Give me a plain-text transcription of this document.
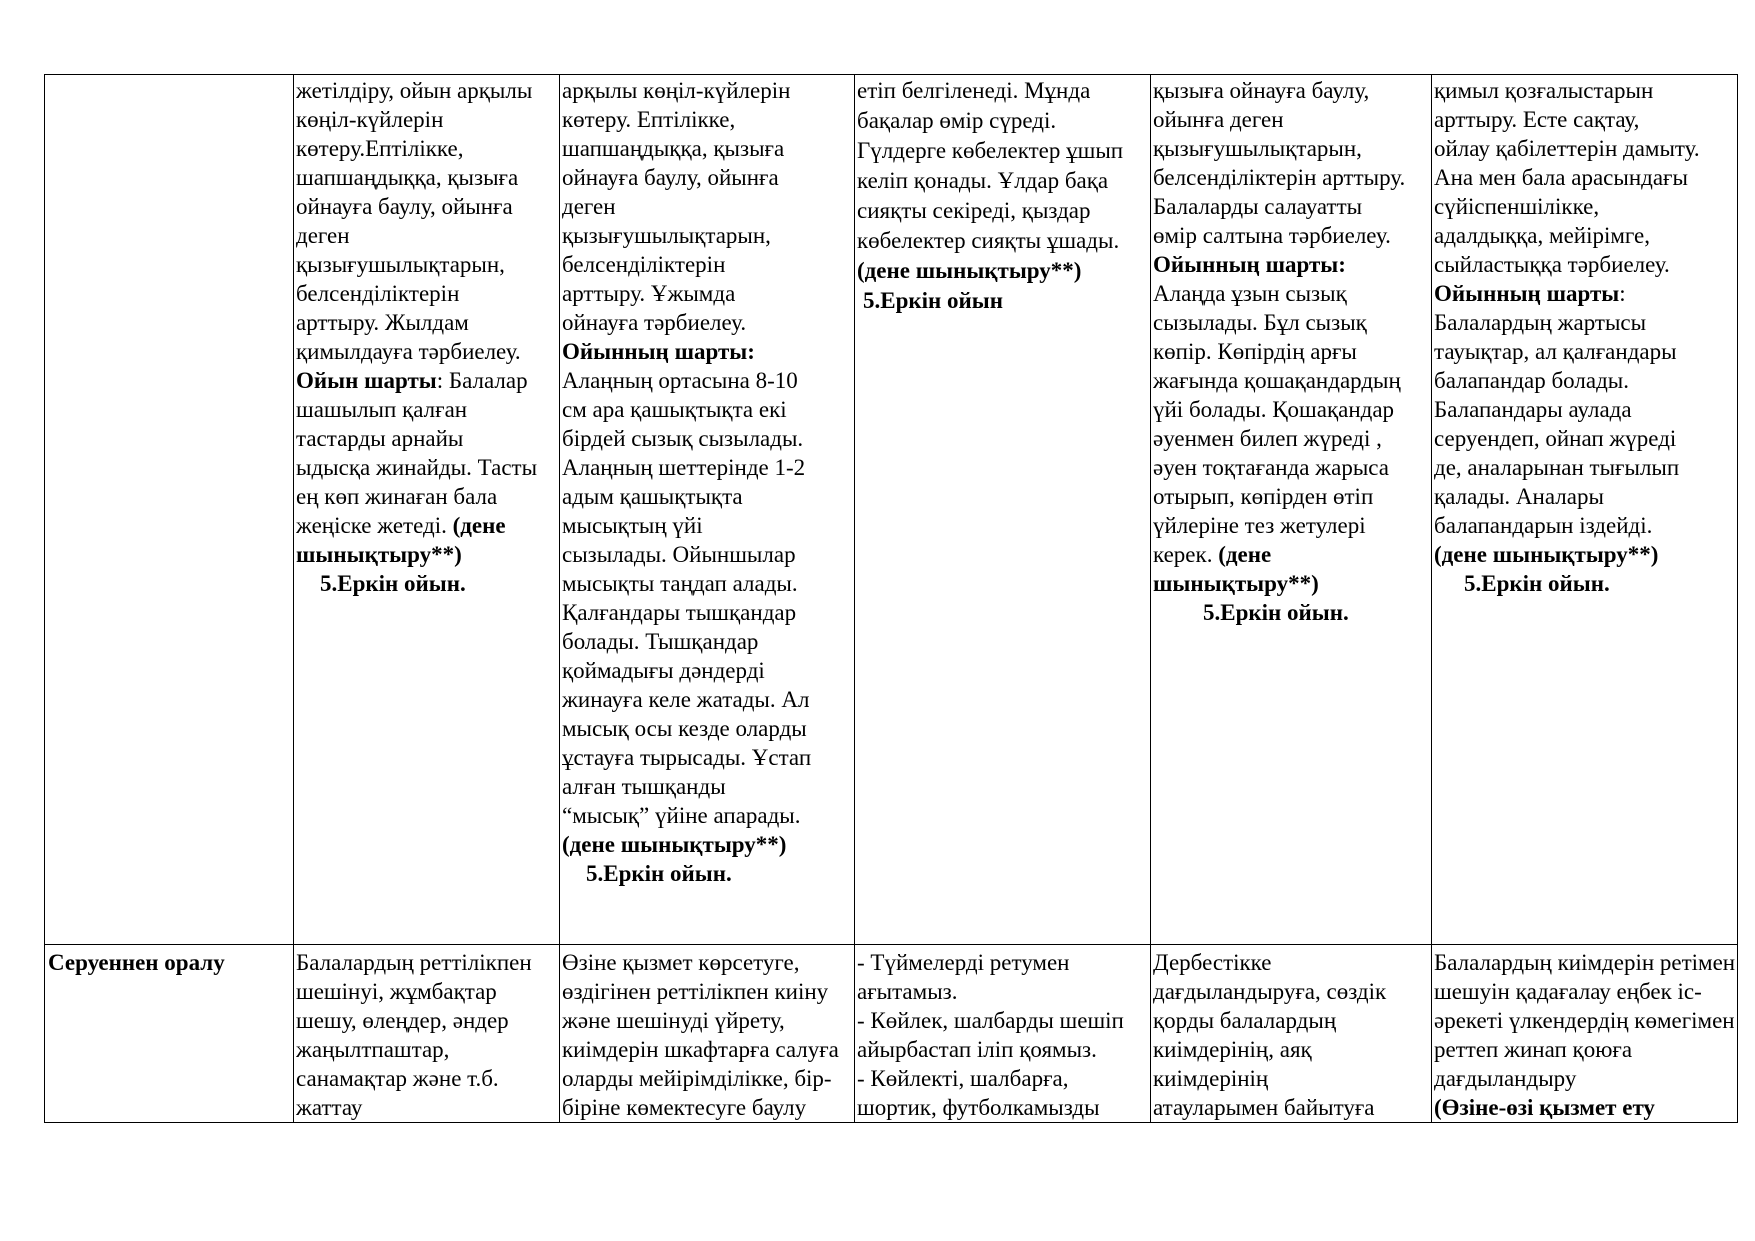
жетілдіру, ойын арқылы

көңіл-күйлерін

көтеру.Ептілікке,

шапшаңдыққа, қызыға

ойнауға баулу, ойынға

деген

қызығушылықтарын,

белсенділіктерін

арттыру. Жылдам

қимылдауға тәрбиелеу.

Ойын шарты: Балалар

шашылып қалған

тастарды арнайы

ыдысқа жинайды. Тасты

ең көп жинаған бала

жеңіске жетеді. (дене

шынықтыру**)

5.Еркін ойын.

арқылы көңіл-күйлерін

көтеру. Ептілікке,

шапшаңдыққа, қызыға

ойнауға баулу, ойынға

деген

қызығушылықтарын,

белсенділіктерін

арттыру. Ұжымда

ойнауға тәрбиелеу.

Ойынның шарты:

Алаңның ортасына 8-10

см ара қашықтықта екі

бірдей сызық сызылады.

Алаңның шеттерінде 1-2

адым қашықтықта

мысықтың үйі

сызылады. Ойыншылар

мысықты таңдап алады.

Қалғандары тышқандар

болады. Тышқандар

қоймадығы дәндерді

жинауға келе жатады. Ал

мысық осы кезде оларды

ұстауға тырысады. Ұстап

алған тышқанды

“мысық” үйіне апарады.

(дене шынықтыру**)

5.Еркін ойын.

етіп белгіленеді. Мұнда

бақалар өмір сүреді.

Гүлдерге көбелектер ұшып

келіп қонады. Ұлдар бақа

сияқты секіреді, қыздар

көбелектер сияқты ұшады.

(дене шынықтыру**)

5.Еркін ойын

қызыға ойнауға баулу,

ойынға деген

қызығушылықтарын,

белсенділіктерін арттыру.

Балаларды салауатты

өмір салтына тәрбиелеу.

Ойынның шарты:

Алаңда ұзын сызық

сызылады. Бұл сызық

көпір. Көпірдің арғы

жағында қошақандардың

үйі болады. Қошақандар

әуенмен билеп жүреді ,

әуен тоқтағанда жарыса

отырып, көпірден өтіп

үйлеріне тез жетулері

керек. (дене

шынықтыру**)

5.Еркін ойын.

қимыл қозғалыстарын

арттыру. Есте сақтау,

ойлау қабілеттерін дамыту.

Ана мен бала арасындағы

сүйіспеншілікке,

адалдыққа, мейірімге,

сыйластыққа тәрбиелеу.

Ойынның шарты:

Балалардың жартысы

тауықтар, ал қалғандары

балапандар болады.

Балапандары аулада

серуендеп, ойнап жүреді

де, аналарынан тығылып

қалады. Аналары

балапандарын іздейді.

(дене шынықтыру**)

5.Еркін ойын.

Серуеннен оралу	Балалардың реттілікпен

шешінуі, жұмбақтар

шешу, өлеңдер, әндер

жаңылтпаштар,

санамақтар және т.б.

жаттау

Өзіне қызмет көрсетуге,

өздігінен реттілікпен киіну

және шешінуді үйрету,

киімдерін шкафтарға салуға

оларды мейірімділікке, бір-

біріне көмектесуге баулу

- Түймелерді ретумен

ағытамыз.

- Көйлек, шалбарды шешіп

айырбастап іліп қоямыз.

- Көйлекті, шалбарға,

шортик, футболкамызды

Дербестікке

дағдыландыруға, сөздік

қорды балалардың

киімдерінің, аяқ

киімдерінің

атауларымен байытуға

Балалардың киімдерін ретімен

шешуін қадағалау еңбек іс-

әрекеті үлкендердің көмегімен

реттеп жинап қоюға

дағдыландыру

(Өзіне-өзі қызмет ету
